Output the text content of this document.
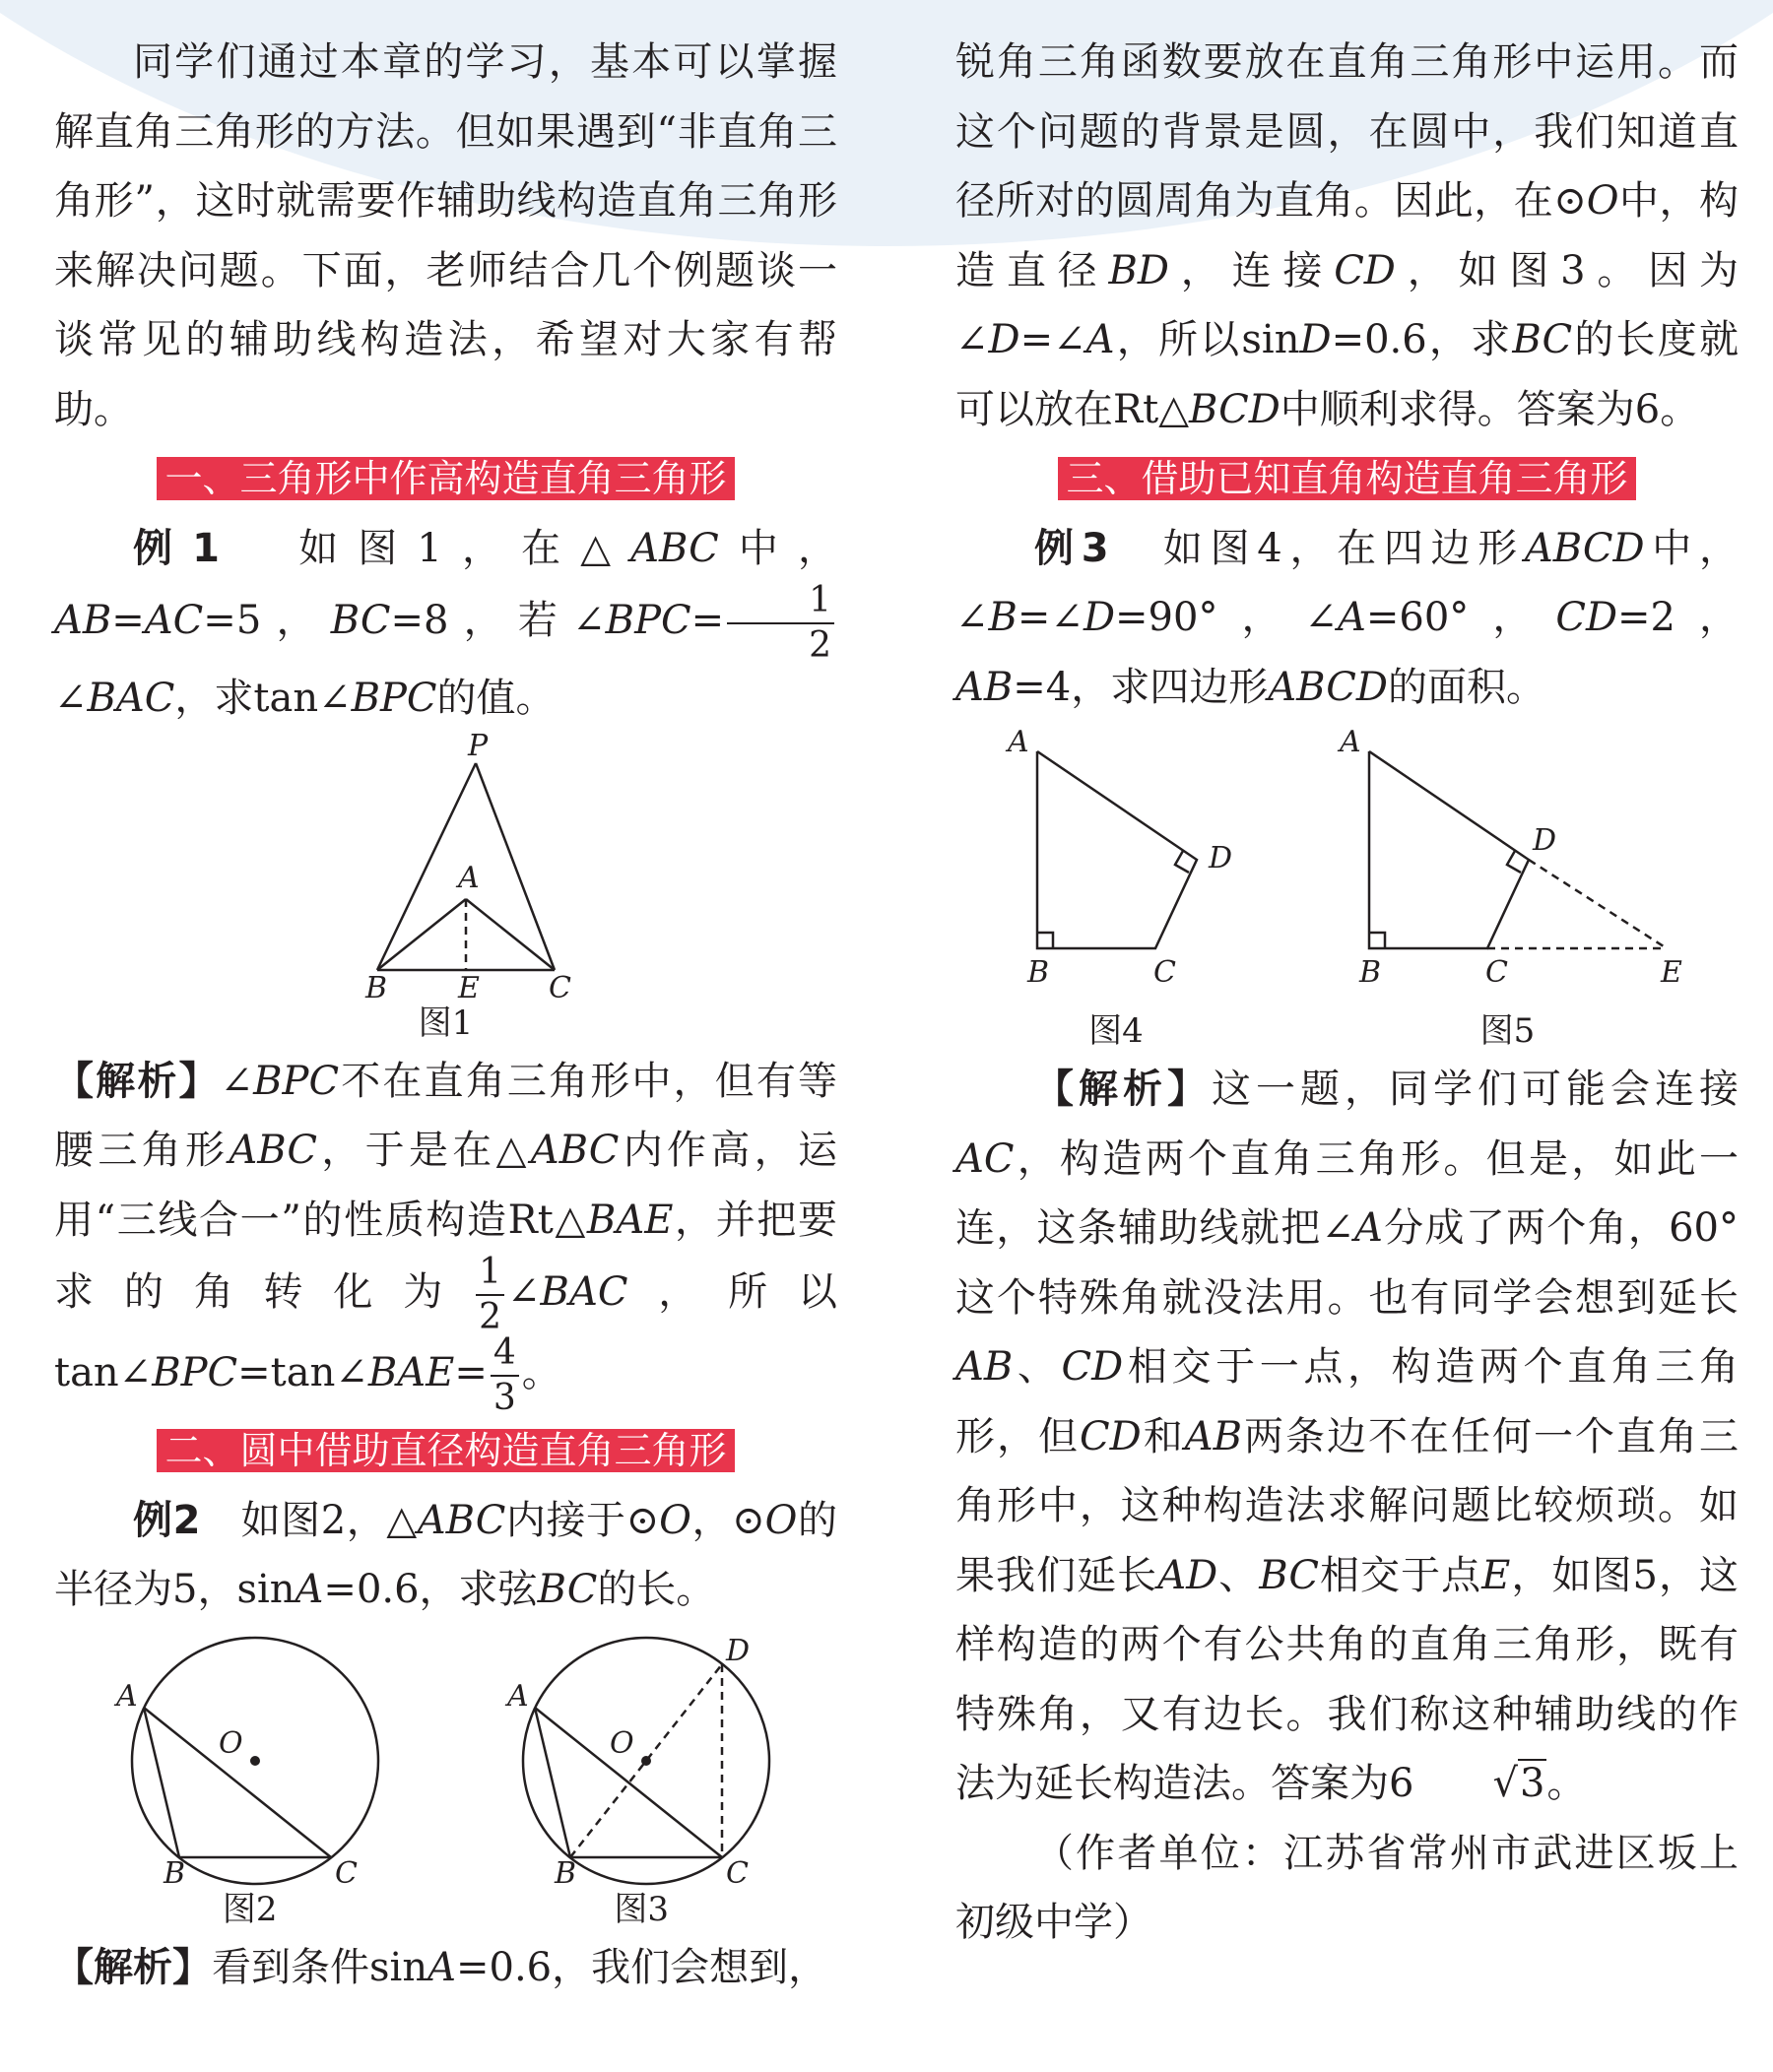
同学们通过本章的学习，基本可以掌握解直角三角形的方法。但如果遇到“非直角三角形”，这时就需要作辅助线构造直角三角形来解决问题。下面，老师结合几个例题谈一谈常见的辅助线构造法，希望对大家有帮助。

一、三角形中作高构造直角三角形

例1　如图1，在△ABC中，AB=AC=5，BC=8，若∠BPC= $\frac{1}{2}$
∠BAC，求tan∠BPC的值。

P
A
B E C
图1

【解析】∠BPC不在直角三角形中，但有等腰三角形ABC，于是在△ABC内作高，运用“三线合一”的性质构造Rt△BAE，并把要求的角转化为 $\frac{1}{2}$ ∠BAC，所以tan∠BPC=tan∠BAE= $\frac{4}{3}$ 。

二、圆中借助直径构造直角三角形

例2　如图2，△ABC内接于⊙O，⊙O的半径为5，sinA=0.6，求弦BC的长。

O
A
B	C
图2
O
A
B	C
D
图3

【解析】看到条件sinA=0.6，我们会想到，

锐角三角函数要放在直角三角形中运用。而这个问题的背景是圆，在圆中，我们知道直径所对的圆周角为直角。因此，在⊙O中，构造直径BD，连接CD，如图3。因为∠D=∠A，所以sinD=0.6，求BC的长度就可以放在Rt△BCD中顺利求得。答案为6。

三、借助已知直角构造直角三角形

例3　如图4，在四边形ABCD中，∠B=∠D=90°，∠A=60°，CD=2，AB=4，求四边形ABCD的面积。

A
D
B	C
图4
A
D
B	C	E
图5

【解析】这一题，同学们可能会连接AC，构造两个直角三角形。但是，如此一连，这条辅助线就把∠A分成了两个角，60°这个特殊角就没法用。也有同学会想到延长AB、CD相交于一点，构造两个直角三角形，但CD和AB两条边不在任何一个直角三角形中，这种构造法求解问题比较烦琐。如果我们延长AD、BC相交于点E，如图5，这样构造的两个有公共角的直角三角形，既有特殊角，又有边长。我们称这种辅助线的作法为延长构造法。答案为6 √3。

（作者单位：江苏省常州市武进区坂上初级中学）
